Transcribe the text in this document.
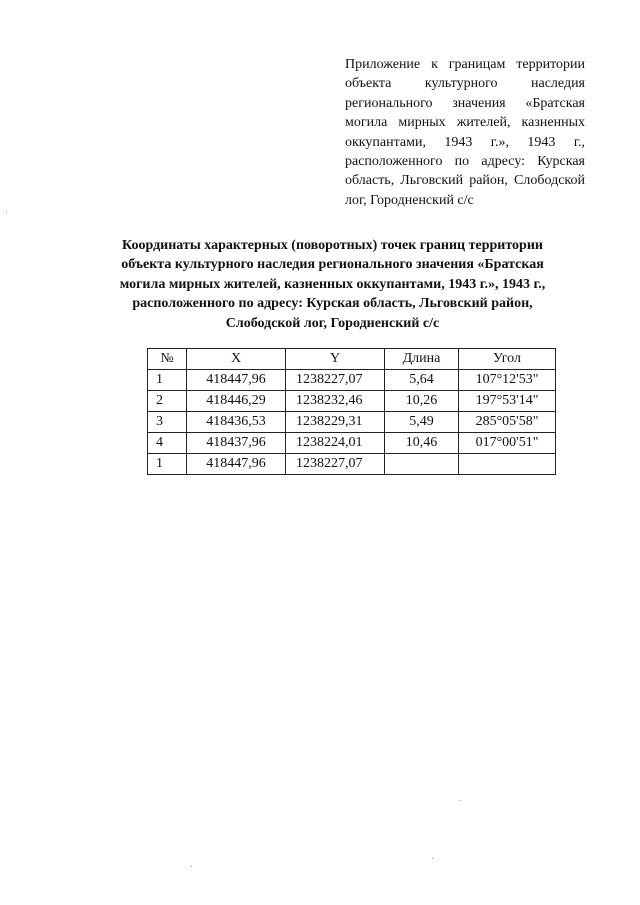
Приложение к границам территории объекта культурного наследия регионального значения «Братская могила мирных жителей, казненных оккупантами, 1943 г.», 1943 г., расположенного по адресу: Курская область, Льговский район, Слободской лог, Городненский с/с
Координаты характерных (поворотных) точек границ территории объекта культурного наследия регионального значения «Братская могила мирных жителей, казненных оккупантами, 1943 г.», 1943 г., расположенного по адресу: Курская область, Льговский район, Слободской лог, Городненский с/с
№	X	Y	Длина	Угол
1	418447,96	1238227,07	5,64	107°12'53"
2	418446,29	1238232,46	10,26	197°53'14"
3	418436,53	1238229,31	5,49	285°05'58"
4	418437,96	1238224,01	10,46	017°00'51"
1	418447,96	1238227,07		
